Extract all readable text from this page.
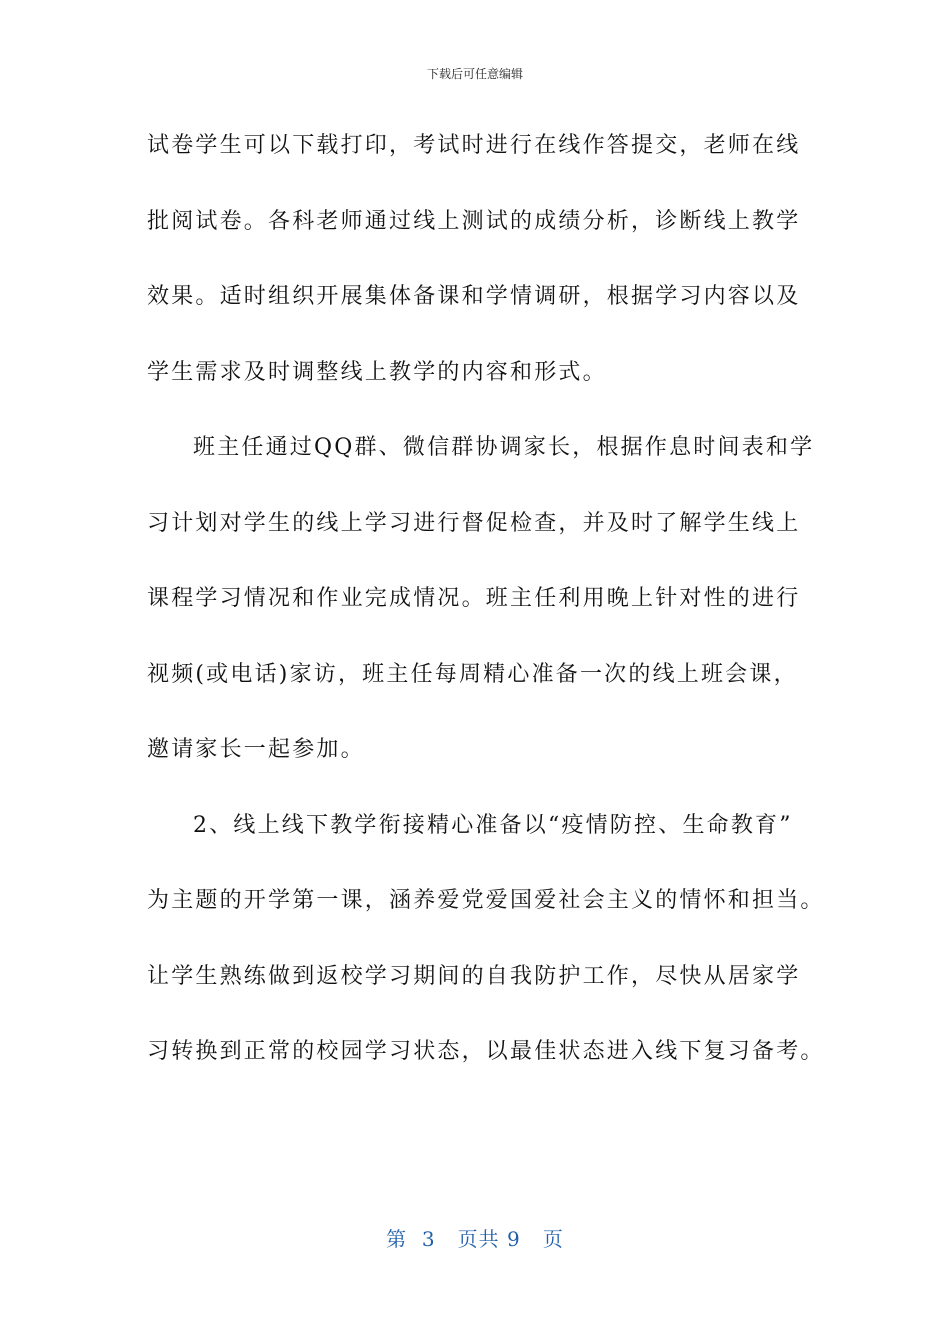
下载后可任意编辑
试卷学生可以下载打印，考试时进行在线作答提交，老师在线
批阅试卷。各科老师通过线上测试的成绩分析，诊断线上教学
效果。适时组织开展集体备课和学情调研，根据学习内容以及
学生需求及时调整线上教学的内容和形式。
班主任通过QQ群、微信群协调家长，根据作息时间表和学
习计划对学生的线上学习进行督促检查，并及时了解学生线上
课程学习情况和作业完成情况。班主任利用晚上针对性的进行
视频(或电话)家访，班主任每周精心准备一次的线上班会课，
邀请家长一起参加。
2、线上线下教学衔接精心准备以“疫情防控、生命教育”
为主题的开学第一课，涵养爱党爱国爱社会主义的情怀和担当。
让学生熟练做到返校学习期间的自我防护工作，尽快从居家学
习转换到正常的校园学习状态，以最佳状态进入线下复习备考。
第  3   页共 9   页
